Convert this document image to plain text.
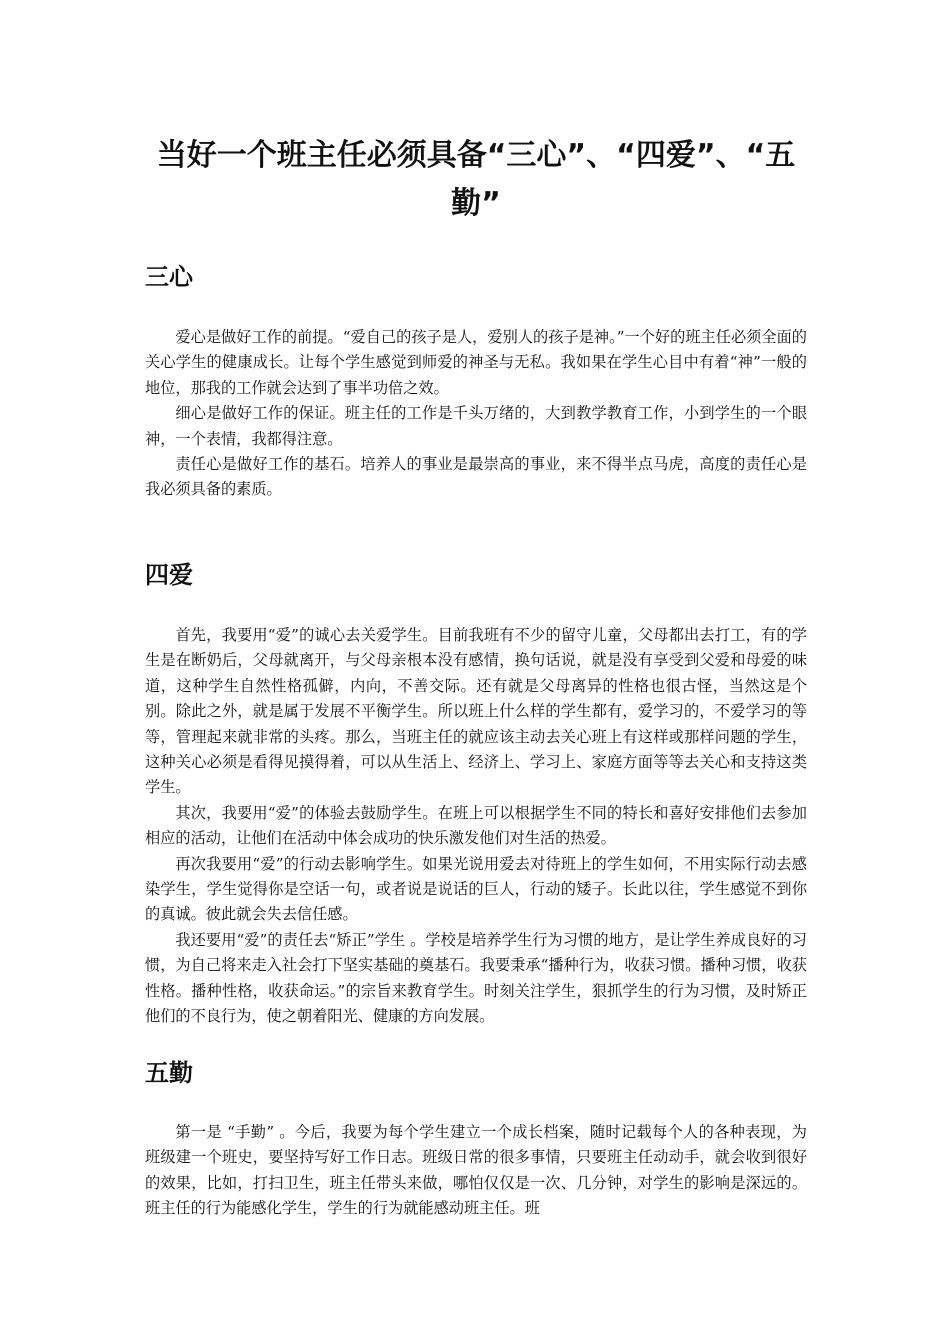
当好一个班主任必须具备“三心”、“四爱”、“五勤”
三心

爱心是做好工作的前提。“爱自己的孩子是人，爱别人的孩子是神。”一个好的班主任必须全面的关心学生的健康成长。让每个学生感觉到师爱的神圣与无私。我如果在学生心目中有着“神”一般的地位，那我的工作就会达到了事半功倍之效。

细心是做好工作的保证。班主任的工作是千头万绪的，大到教学教育工作，小到学生的一个眼神，一个表情，我都得注意。

责任心是做好工作的基石。培养人的事业是最崇高的事业，来不得半点马虎，高度的责任心是我必须具备的素质。

四爱

首先，我要用“爱”的诚心去关爱学生。目前我班有不少的留守儿童，父母都出去打工，有的学生是在断奶后，父母就离开，与父母亲根本没有感情，换句话说，就是没有享受到父爱和母爱的味道，这种学生自然性格孤僻，内向，不善交际。还有就是父母离异的性格也很古怪，当然这是个别。除此之外，就是属于发展不平衡学生。所以班上什么样的学生都有，爱学习的，不爱学习的等等，管理起来就非常的头疼。那么，当班主任的就应该主动去关心班上有这样或那样问题的学生，这种关心必须是看得见摸得着，可以从生活上、经济上、学习上、家庭方面等等去关心和支持这类学生。

其次，我要用“爱”的体验去鼓励学生。在班上可以根据学生不同的特长和喜好安排他们去参加相应的活动，让他们在活动中体会成功的快乐激发他们对生活的热爱。

再次我要用“爱”的行动去影响学生。如果光说用爱去对待班上的学生如何，不用实际行动去感染学生，学生觉得你是空话一句，或者说是说话的巨人，行动的矮子。长此以往，学生感觉不到你的真诚。彼此就会失去信任感。

我还要用“爱”的责任去“矫正”学生 。学校是培养学生行为习惯的地方，是让学生养成良好的习惯，为自己将来走入社会打下坚实基础的奠基石。我要秉承“播种行为，收获习惯。播种习惯，收获性格。播种性格，收获命运。”的宗旨来教育学生。时刻关注学生，狠抓学生的行为习惯，及时矫正他们的不良行为，使之朝着阳光、健康的方向发展。

五勤

第一是 “手勤” 。今后，我要为每个学生建立一个成长档案，随时记载每个人的各种表现，为班级建一个班史，要坚持写好工作日志。班级日常的很多事情，只要班主任动动手，就会收到很好的效果，比如，打扫卫生，班主任带头来做，哪怕仅仅是一次、几分钟，对学生的影响是深远的。班主任的行为能感化学生，学生的行为就能感动班主任。班
